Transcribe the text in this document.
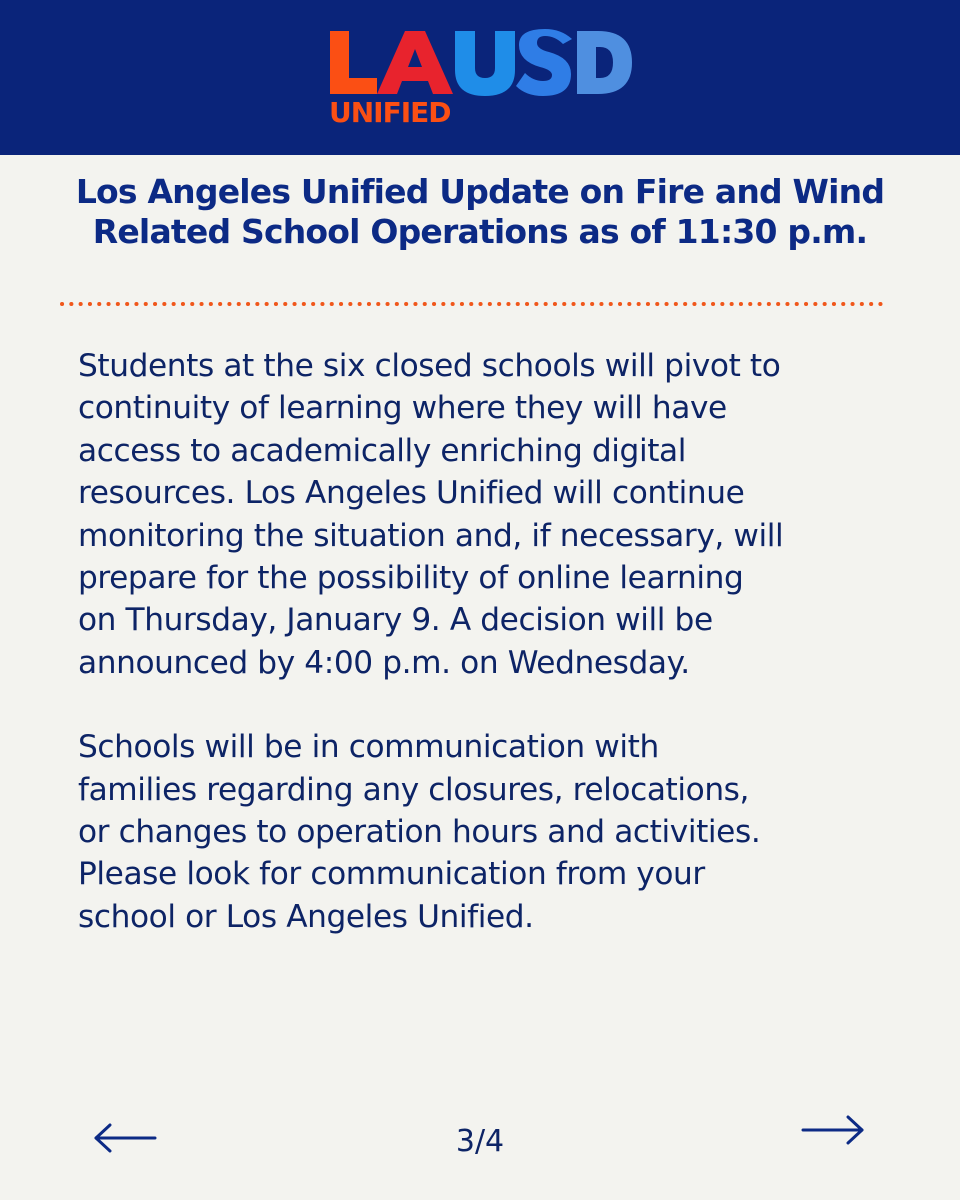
UNIFIED
Los Angeles Unified Update on Fire and Wind
Related School Operations as of 11:30 p.m.
Students at the six closed schools will pivot to
continuity of learning where they will have
access to academically enriching digital
resources. Los Angeles Unified will continue
monitoring the situation and, if necessary, will
prepare for the possibility of online learning
on Thursday, January 9. A decision will be
announced by 4:00 p.m. on Wednesday.
Schools will be in communication with
families regarding any closures, relocations,
or changes to operation hours and activities.
Please look for communication from your
school or Los Angeles Unified.
3/4
